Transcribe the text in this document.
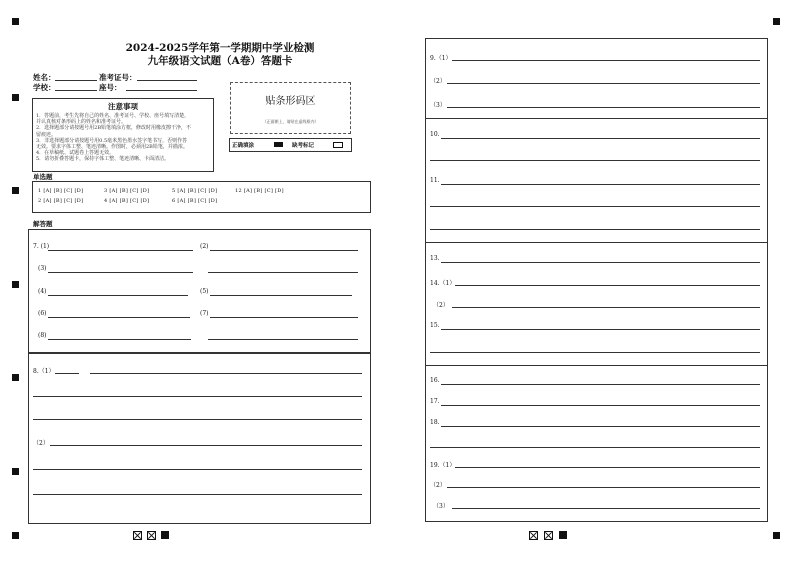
2024-2025学年第一学期期中学业检测
九年级语文试题（A卷）答题卡
姓名：	准考证号：
学校：	座号：
注意事项
1．答题前，考生先将自己的姓名、准考证号、学校、座号填写清楚，
并认真核对条形码上的姓名和准考证号。
2．选择题部分请按题号用2B铅笔填涂方框，修改时用橡皮擦干净，不
留痕迹。
3．非选择题部分请按题号用0.5毫米黑色墨水签字笔书写，否则作答
无效。要求字体工整、笔迹清晰。作图时，必须用2B铅笔，并描浓。
4．在草稿纸、试题卷上答题无效。
5．请勿折叠答题卡，保持字体工整、笔迹清晰、卡面清洁。
贴条形码区
（正面朝上，请贴在虚线框内）
正确填涂	缺考标记
单选题
1 [A] [B] [C] [D]	3 [A] [B] [C] [D]	5 [A] [B] [C] [D]	12 [A] [B] [C] [D]
2 [A] [B] [C] [D]	4 [A] [B] [C] [D]	6 [A] [B] [C] [D]
解答题
7. (1)	(2)
(3)
(4)	(5)
(6)	(7)
(8)
8.（1）
（2）
9.（1）
（2）
（3）
10.
11.
13.
14.（1）
（2）
15.
16.
17.
18.
19.（1）
（2）
（3）
